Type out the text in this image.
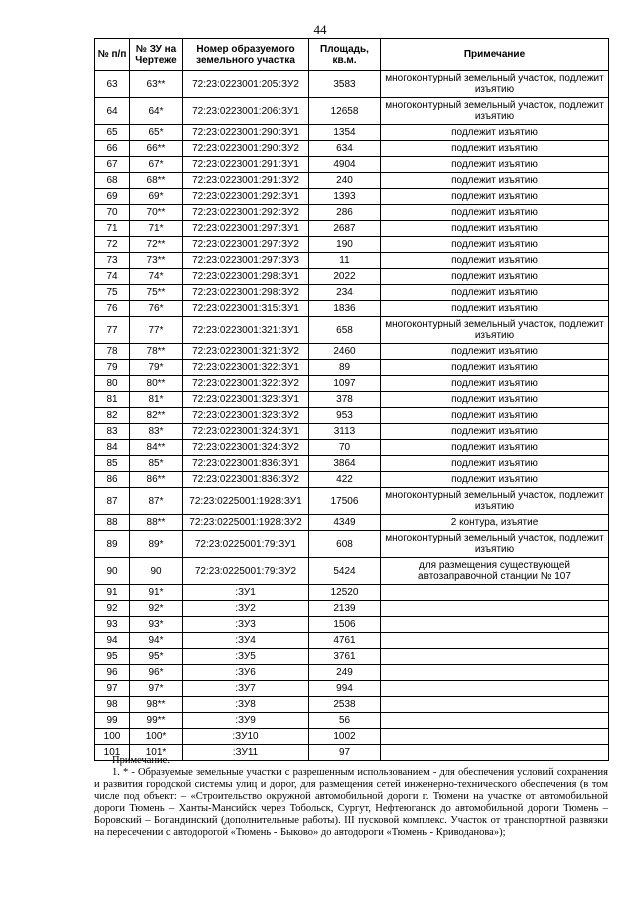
44
№ п/п	№ ЗУ на Чертеже	Номер образуемого земельного участка	Площадь, кв.м.	Примечание
63	63**	72:23:0223001:205:ЗУ2	3583	многоконтурный земельный участок, подлежит изъятию
64	64*	72:23:0223001:206:ЗУ1	12658	многоконтурный земельный участок, подлежит изъятию
65	65*	72:23:0223001:290:ЗУ1	1354	подлежит изъятию
66	66**	72:23:0223001:290:ЗУ2	634	подлежит изъятию
67	67*	72:23:0223001:291:ЗУ1	4904	подлежит изъятию
68	68**	72:23:0223001:291:ЗУ2	240	подлежит изъятию
69	69*	72:23:0223001:292:ЗУ1	1393	подлежит изъятию
70	70**	72:23:0223001:292:ЗУ2	286	подлежит изъятию
71	71*	72:23:0223001:297:ЗУ1	2687	подлежит изъятию
72	72**	72:23:0223001:297:ЗУ2	190	подлежит изъятию
73	73**	72:23:0223001:297:ЗУ3	11	подлежит изъятию
74	74*	72:23:0223001:298:ЗУ1	2022	подлежит изъятию
75	75**	72:23:0223001:298:ЗУ2	234	подлежит изъятию
76	76*	72:23:0223001:315:ЗУ1	1836	подлежит изъятию
77	77*	72:23:0223001:321:ЗУ1	658	многоконтурный земельный участок, подлежит изъятию
78	78**	72:23:0223001:321:ЗУ2	2460	подлежит изъятию
79	79*	72:23:0223001:322:ЗУ1	89	подлежит изъятию
80	80**	72:23:0223001:322:ЗУ2	1097	подлежит изъятию
81	81*	72:23:0223001:323:ЗУ1	378	подлежит изъятию
82	82**	72:23:0223001:323:ЗУ2	953	подлежит изъятию
83	83*	72:23:0223001:324:ЗУ1	3113	подлежит изъятию
84	84**	72:23:0223001:324:ЗУ2	70	подлежит изъятию
85	85*	72:23:0223001:836:ЗУ1	3864	подлежит изъятию
86	86**	72:23:0223001:836:ЗУ2	422	подлежит изъятию
87	87*	72:23:0225001:1928:ЗУ1	17506	многоконтурный земельный участок, подлежит изъятию
88	88**	72:23:0225001:1928:ЗУ2	4349	2 контура, изъятие
89	89*	72:23:0225001:79:ЗУ1	608	многоконтурный земельный участок, подлежит изъятию
90	90	72:23:0225001:79:ЗУ2	5424	для размещения существующей автозаправочной станции № 107
91	91*	:ЗУ1	12520	
92	92*	:ЗУ2	2139	
93	93*	:ЗУ3	1506	
94	94*	:ЗУ4	4761	
95	95*	:ЗУ5	3761	
96	96*	:ЗУ6	249	
97	97*	:ЗУ7	994	
98	98**	:ЗУ8	2538	
99	99**	:ЗУ9	56	
100	100*	:ЗУ10	1002	
101	101*	:ЗУ11	97	

Примечание.

1. * - Образуемые земельные участки с разрешенным использованием - для обеспечения условий сохранения и развития городской системы улиц и дорог, для размещения сетей инженерно-технического обеспечения (в том числе под объект: – «Строительство окружной автомобильной дороги г. Тюмени на участке от автомобильной дороги Тюмень – Ханты-Мансийск через Тобольск, Сургут, Нефтеюганск до автомобильной дороги Тюмень – Боровский – Богандинский (дополнительные работы). III пусковой комплекс. Участок от транспортной развязки на пересечении с автодорогой «Тюмень - Быково» до автодороги «Тюмень - Криводанова»);
